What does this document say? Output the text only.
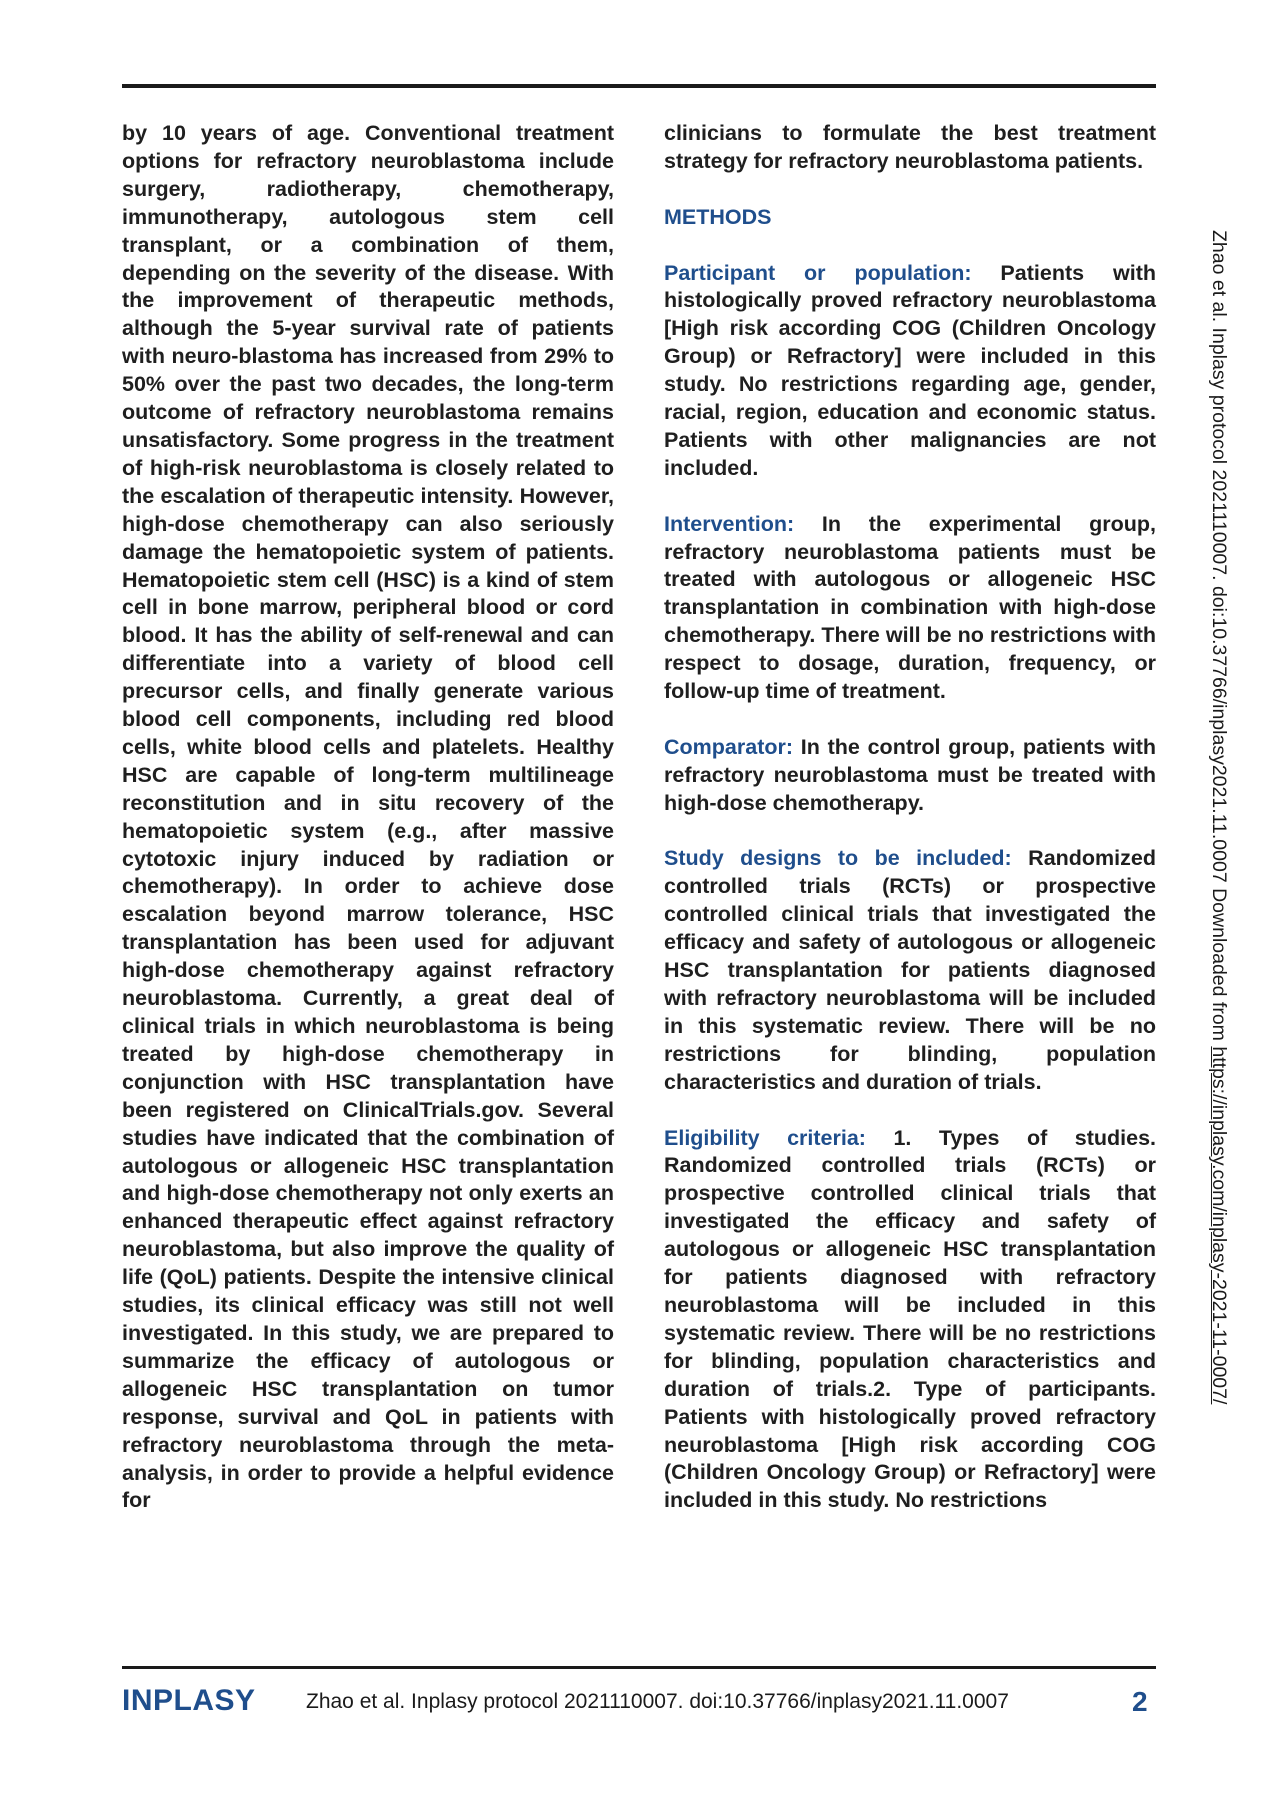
by 10 years of age. Conventional treatment options for refractory neuroblastoma include surgery, radiotherapy, chemotherapy, immunotherapy, autologous stem cell transplant, or a combination of them, depending on the severity of the disease. With the improvement of therapeutic methods, although the 5-year survival rate of patients with neuro-blastoma has increased from 29% to 50% over the past two decades, the long-term outcome of refractory neuroblastoma remains unsatisfactory. Some progress in the treatment of high-risk neuroblastoma is closely related to the escalation of therapeutic intensity. However, high-dose chemotherapy can also seriously damage the hematopoietic system of patients. Hematopoietic stem cell (HSC) is a kind of stem cell in bone marrow, peripheral blood or cord blood. It has the ability of self-renewal and can differentiate into a variety of blood cell precursor cells, and finally generate various blood cell components, including red blood cells, white blood cells and platelets. Healthy HSC are capable of long-term multilineage reconstitution and in situ recovery of the hematopoietic system (e.g., after massive cytotoxic injury induced by radiation or chemotherapy). In order to achieve dose escalation beyond marrow tolerance, HSC transplantation has been used for adjuvant high-dose chemotherapy against refractory neuroblastoma. Currently, a great deal of clinical trials in which neuroblastoma is being treated by high-dose chemotherapy in conjunction with HSC transplantation have been registered on ClinicalTrials.gov. Several studies have indicated that the combination of autologous or allogeneic HSC transplantation and high-dose chemotherapy not only exerts an enhanced therapeutic effect against refractory neuroblastoma, but also improve the quality of life (QoL) patients. Despite the intensive clinical studies, its clinical efficacy was still not well investigated. In this study, we are prepared to summarize the efficacy of autologous or allogeneic HSC transplantation on tumor response, survival and QoL in patients with refractory neuroblastoma through the meta-analysis, in order to provide a helpful evidence for

clinicians to formulate the best treatment strategy for refractory neuroblastoma patients.

METHODS

Participant or population: Patients with histologically proved refractory neuroblastoma [High risk according COG (Children Oncology Group) or Refractory] were included in this study. No restrictions regarding age, gender, racial, region, education and economic status. Patients with other malignancies are not included.

Intervention: In the experimental group, refractory neuroblastoma patients must be treated with autologous or allogeneic HSC transplantation in combination with high-dose chemotherapy. There will be no restrictions with respect to dosage, duration, frequency, or follow-up time of treatment.

Comparator: In the control group, patients with refractory neuroblastoma must be treated with high-dose chemotherapy.

Study designs to be included: Randomized controlled trials (RCTs) or prospective controlled clinical trials that investigated the efficacy and safety of autologous or allogeneic HSC transplantation for patients diagnosed with refractory neuroblastoma will be included in this systematic review. There will be no restrictions for blinding, population characteristics and duration of trials.

Eligibility criteria: 1. Types of studies. Randomized controlled trials (RCTs) or prospective controlled clinical trials that investigated the efficacy and safety of autologous or allogeneic HSC transplantation for patients diagnosed with refractory neuroblastoma will be included in this systematic review. There will be no restrictions for blinding, population characteristics and duration of trials.2. Type of participants. Patients with histologically proved refractory neuroblastoma [High risk according COG (Children Oncology Group) or Refractory] were included in this study. No restrictions

Zhao et al. Inplasy protocol 2021110007. doi:10.37766/inplasy2021.11.0007 Downloaded from https://inplasy.com/inplasy-2021-11-0007/
INPLASY Zhao et al. Inplasy protocol 2021110007. doi:10.37766/inplasy2021.11.0007	2
